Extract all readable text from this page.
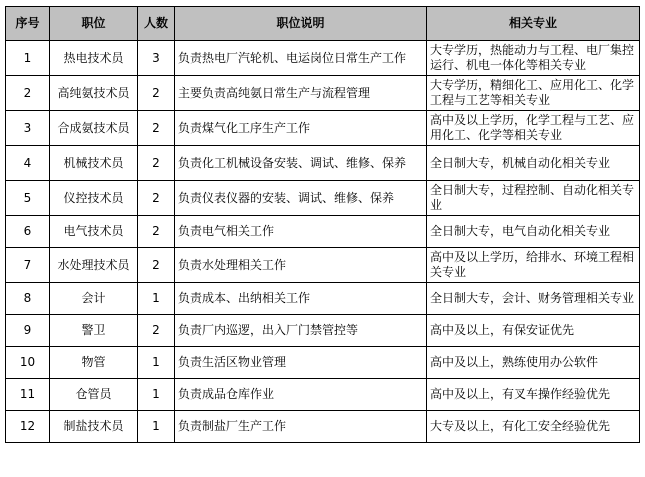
序号	职位	人数	职位说明	相关专业
1	热电技术员	3	负责热电厂汽轮机、电运岗位日常生产工作	大专学历，热能动力与工程、电厂集控运行、机电一体化等相关专业
2	高纯氨技术员	2	主要负责高纯氨日常生产与流程管理	大专学历，精细化工、应用化工、化学工程与工艺等相关专业
3	合成氨技术员	2	负责煤气化工序生产工作	高中及以上学历，化学工程与工艺、应用化工、化学等相关专业
4	机械技术员	2	负责化工机械设备安装、调试、维修、保养	全日制大专，机械自动化相关专业
5	仪控技术员	2	负责仪表仪器的安装、调试、维修、保养	全日制大专，过程控制、自动化相关专业
6	电气技术员	2	负责电气相关工作	全日制大专，电气自动化相关专业
7	水处理技术员	2	负责水处理相关工作	高中及以上学历，给排水、环境工程相关专业
8	会计	1	负责成本、出纳相关工作	全日制大专，会计、财务管理相关专业
9	警卫	2	负责厂内巡逻，出入厂门禁管控等	高中及以上，有保安证优先
10	物管	1	负责生活区物业管理	高中及以上，熟练使用办公软件
11	仓管员	1	负责成品仓库作业	高中及以上，有叉车操作经验优先
12	制盐技术员	1	负责制盐厂生产工作	大专及以上，有化工安全经验优先
